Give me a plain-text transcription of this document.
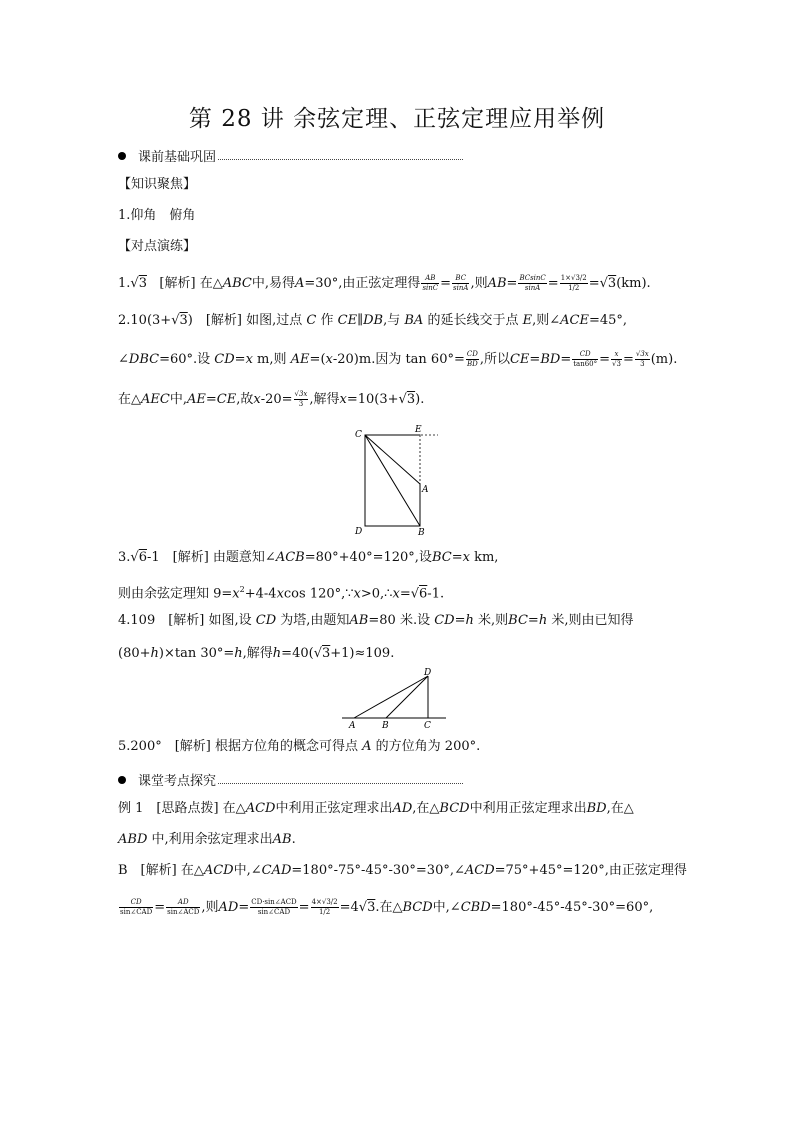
第 28 讲 余弦定理、正弦定理应用举例
课前基础巩固
【知识聚焦】
1.仰角　俯角
【对点演练】
1.√3 [解析] 在△ABC中,易得A=30°,由正弦定理得 $\frac{AB}{\sin C} = \frac{BC}{\sin A}$ ,则$AB= \frac{BCsinC}{\sin A} = \frac{1\times√3/2}{1/2} =√3(km)$.
2.10(3+√3)　[解析] 如图,过点 C 作 CE∥DB,与 BA 的延长线交于点 E,则∠ACE=45°,
∠DBC=60°.设 CD=x m,则 AE=(x-20)m.因为 $\tan 60^\circ= \frac{CD}{BD}$ ,所以$CE=BD= \frac{CD}{\tan 60^\circ} = \frac{x}{√3} = \frac{√3x}{3} (m)$.
在△AEC中,AE=CE,故$x-20= \frac{√3x}{3}$ ,解得x=10(3+√3).
C	E
A
D	B
3.√6-1　[解析] 由题意知∠ACB=80°+40°=120°,设BC=x km,
则由余弦定理知 $9=x^2+4-4xcos$ 120°,∵x>0,∴x=√6-1.
4.109　[解析] 如图,设 CD 为塔,由题知AB=80 米.设 CD=h 米,则BC=h 米,则由已知得
(80+h)×tan 30°=h,解得h=40(√3+1)≈109.
D
A	B	C
5.200°　[解析] 根据方位角的概念可得点 A 的方位角为 200°.
课堂考点探究
例 1　[思路点拨] 在△ACD中利用正弦定理求出AD,在△BCD中利用正弦定理求出BD,在△
ABD 中,利用余弦定理求出AB.
B　[解析] 在△ACD中,∠CAD=180°-75°-45°-30°=30°,∠ACD=75°+45°=120°,由正弦定理得
$\frac{CD}{\text{sin∠CAD}} = \frac{AD}{\text{sin∠ACD}}$ ,则$AD= \frac{\text{CD·sin∠ACD}}{\text{sin∠CAD}} = \frac{4\times√3/2}{1/2} =4√3$.在△BCD中,∠CBD=180°-45°-45°-30°=60°,
